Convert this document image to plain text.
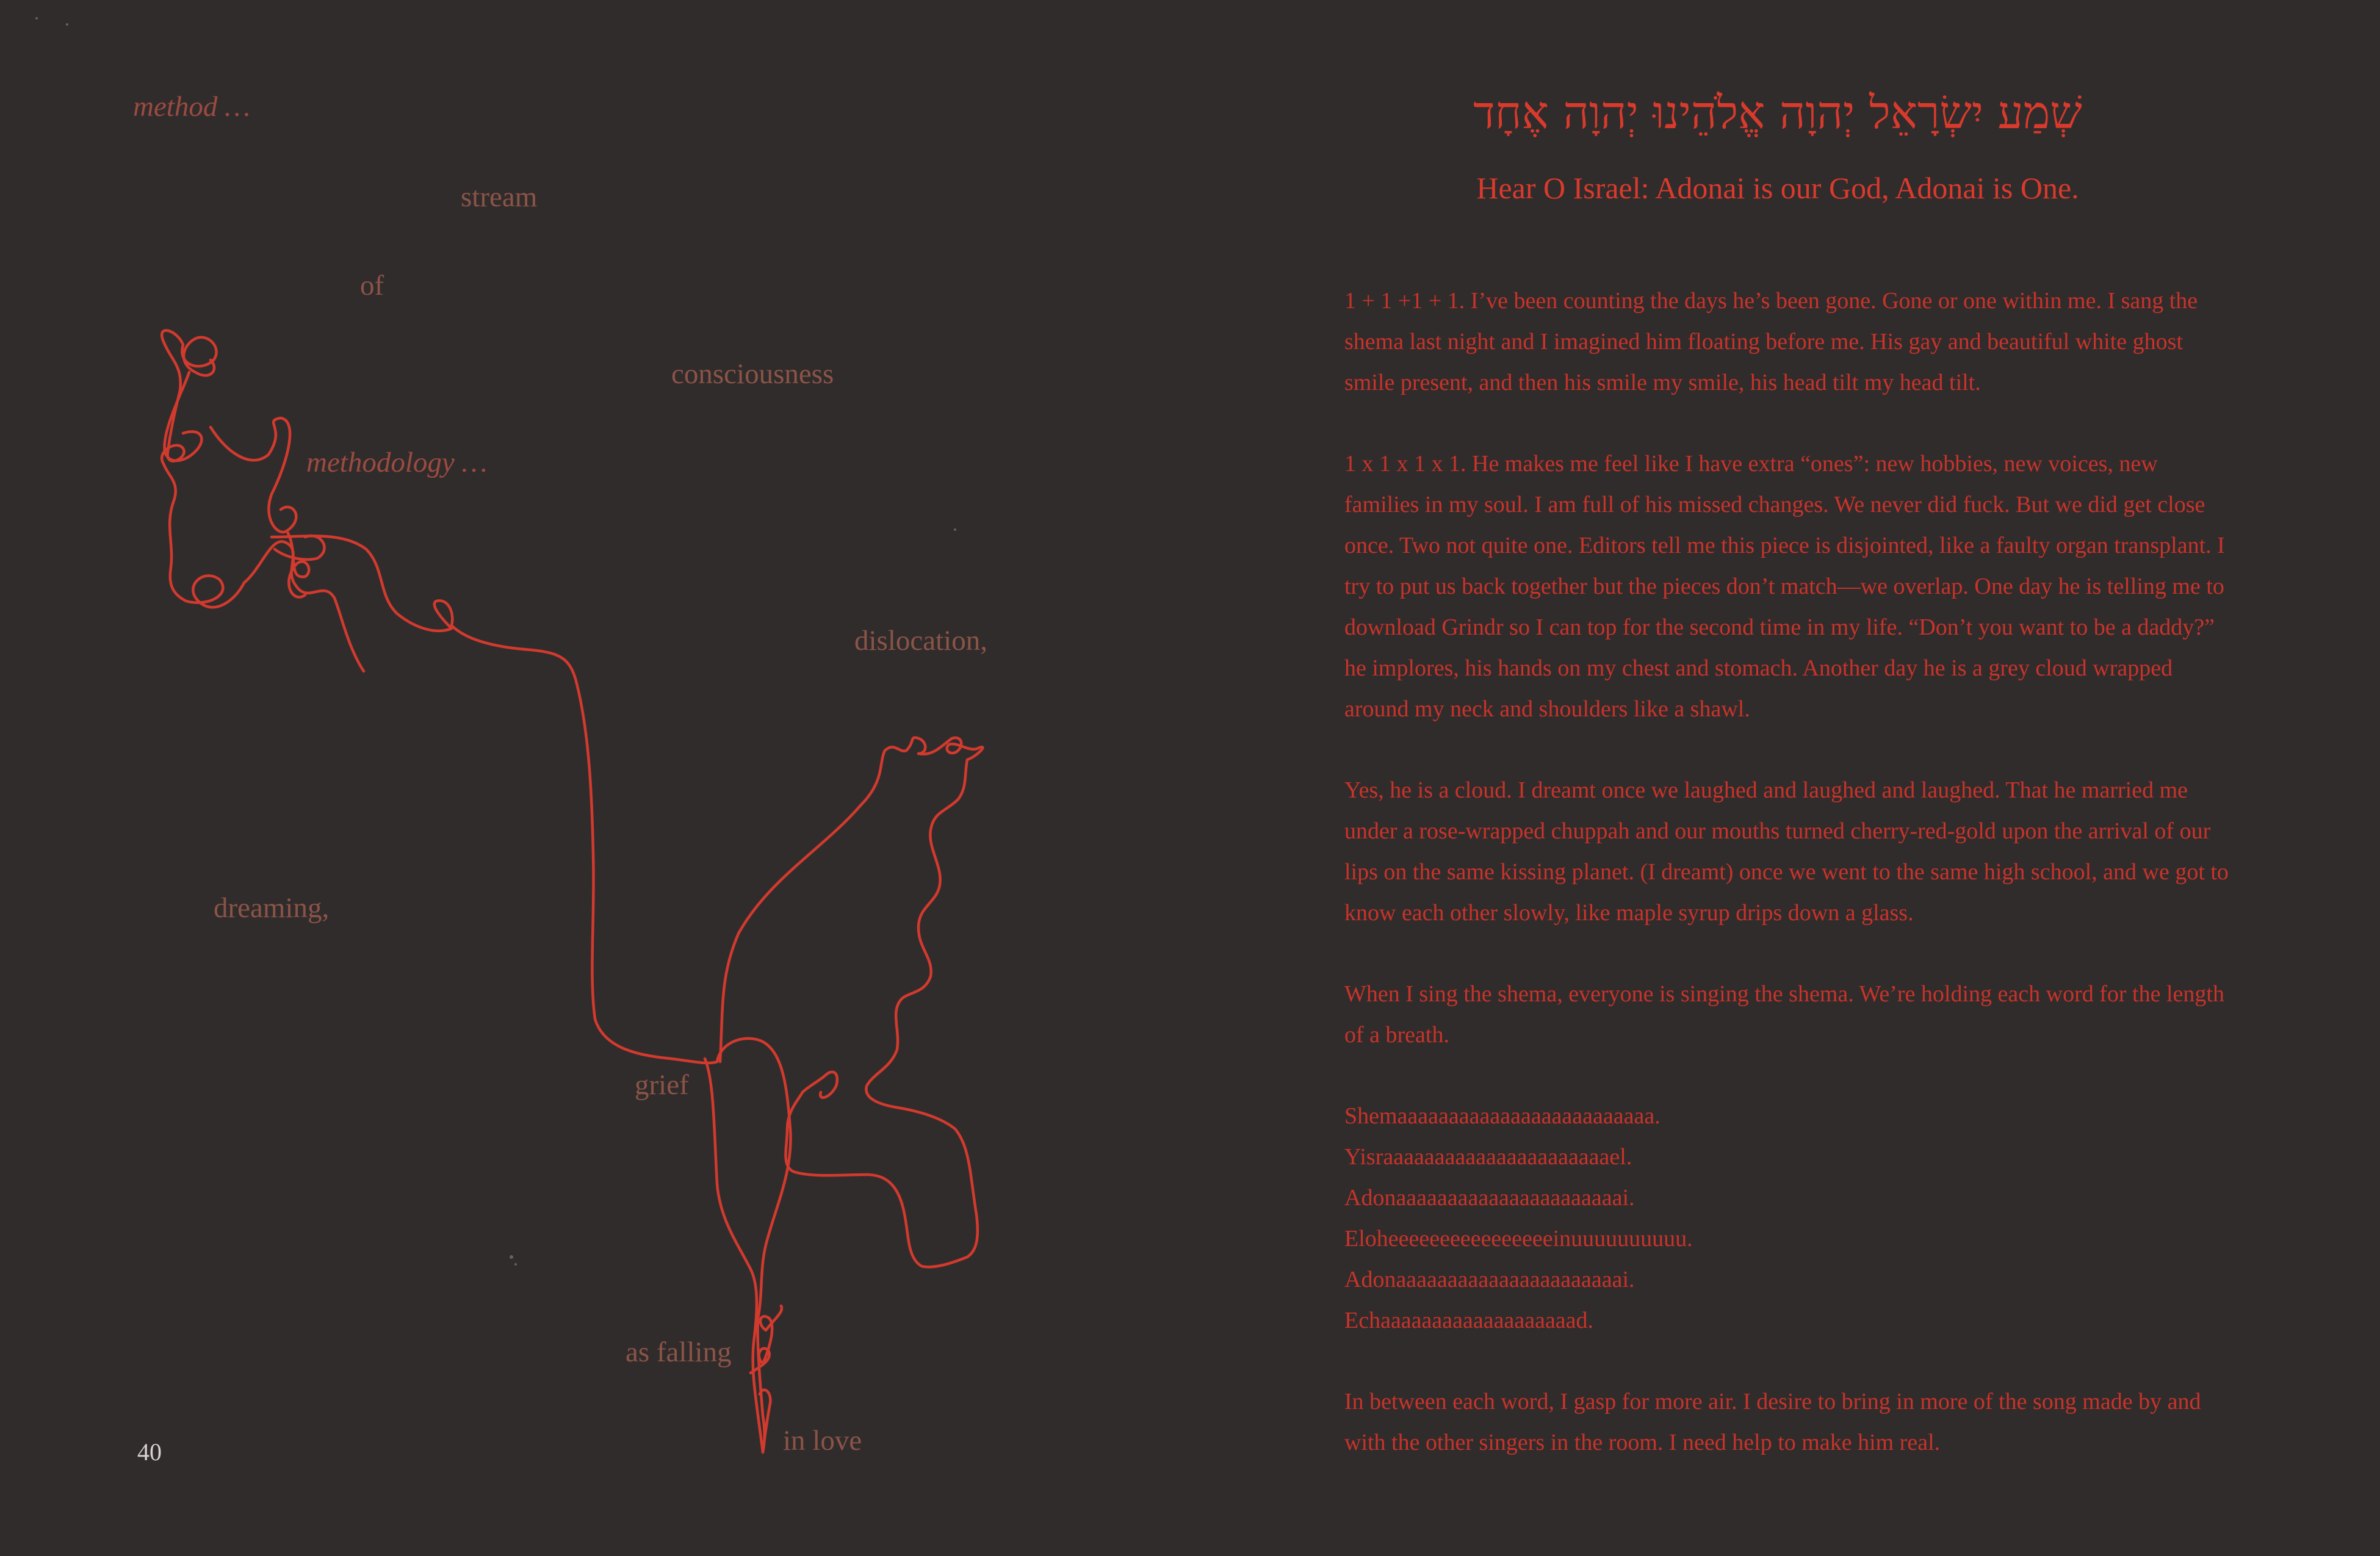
method …
stream
of
consciousness
methodology …
dislocation,
dreaming,
grief
as falling
in love
40
שְׁמַע יִשְׂרָאֵל יְהוָה אֱלֹהֵינוּ יְהוָה אֶחָד
Hear O Israel: Adonai is our God, Adonai is One.

1 + 1 +1 + 1. I’ve been counting the days he’s been gone. Gone or one within me. I sang the shema last night and I imagined him floating before me. His gay and beautiful white ghost smile present, and then his smile my smile, his head tilt my head tilt.

1 x 1 x 1 x 1. He makes me feel like I have extra “ones”: new hobbies, new voices, new families in my soul. I am full of his missed changes. We never did fuck. But we did get close once. Two not quite one. Editors tell me this piece is disjointed, like a faulty organ transplant. I try to put us back together but the pieces don’t match—we overlap. One day he is telling me to download Grindr so I can top for the second time in my life. “Don’t you want to be a daddy?” he implores, his hands on my chest and stomach. Another day he is a grey cloud wrapped around my neck and shoulders like a shawl.

Yes, he is a cloud. I dreamt once we laughed and laughed and laughed. That he married me under a rose-wrapped chuppah and our mouths turned cherry-red-gold upon the arrival of our lips on the same kissing planet. (I dreamt) once we went to the same high school, and we got to know each other slowly, like maple syrup drips down a glass.

When I sing the shema, everyone is singing the shema. We’re holding each word for the length of a breath.

Shemaaaaaaaaaaaaaaaaaaaaaaaaa.
Yisraaaaaaaaaaaaaaaaaaaaaael.
Adonaaaaaaaaaaaaaaaaaaaaaai.
Eloheeeeeeeeeeeeeeeeinuuuuuuuuuu.
Adonaaaaaaaaaaaaaaaaaaaaaai.
Echaaaaaaaaaaaaaaaaaaad.

In between each word, I gasp for more air. I desire to bring in more of the song made by and with the other singers in the room. I need help to make him real.
